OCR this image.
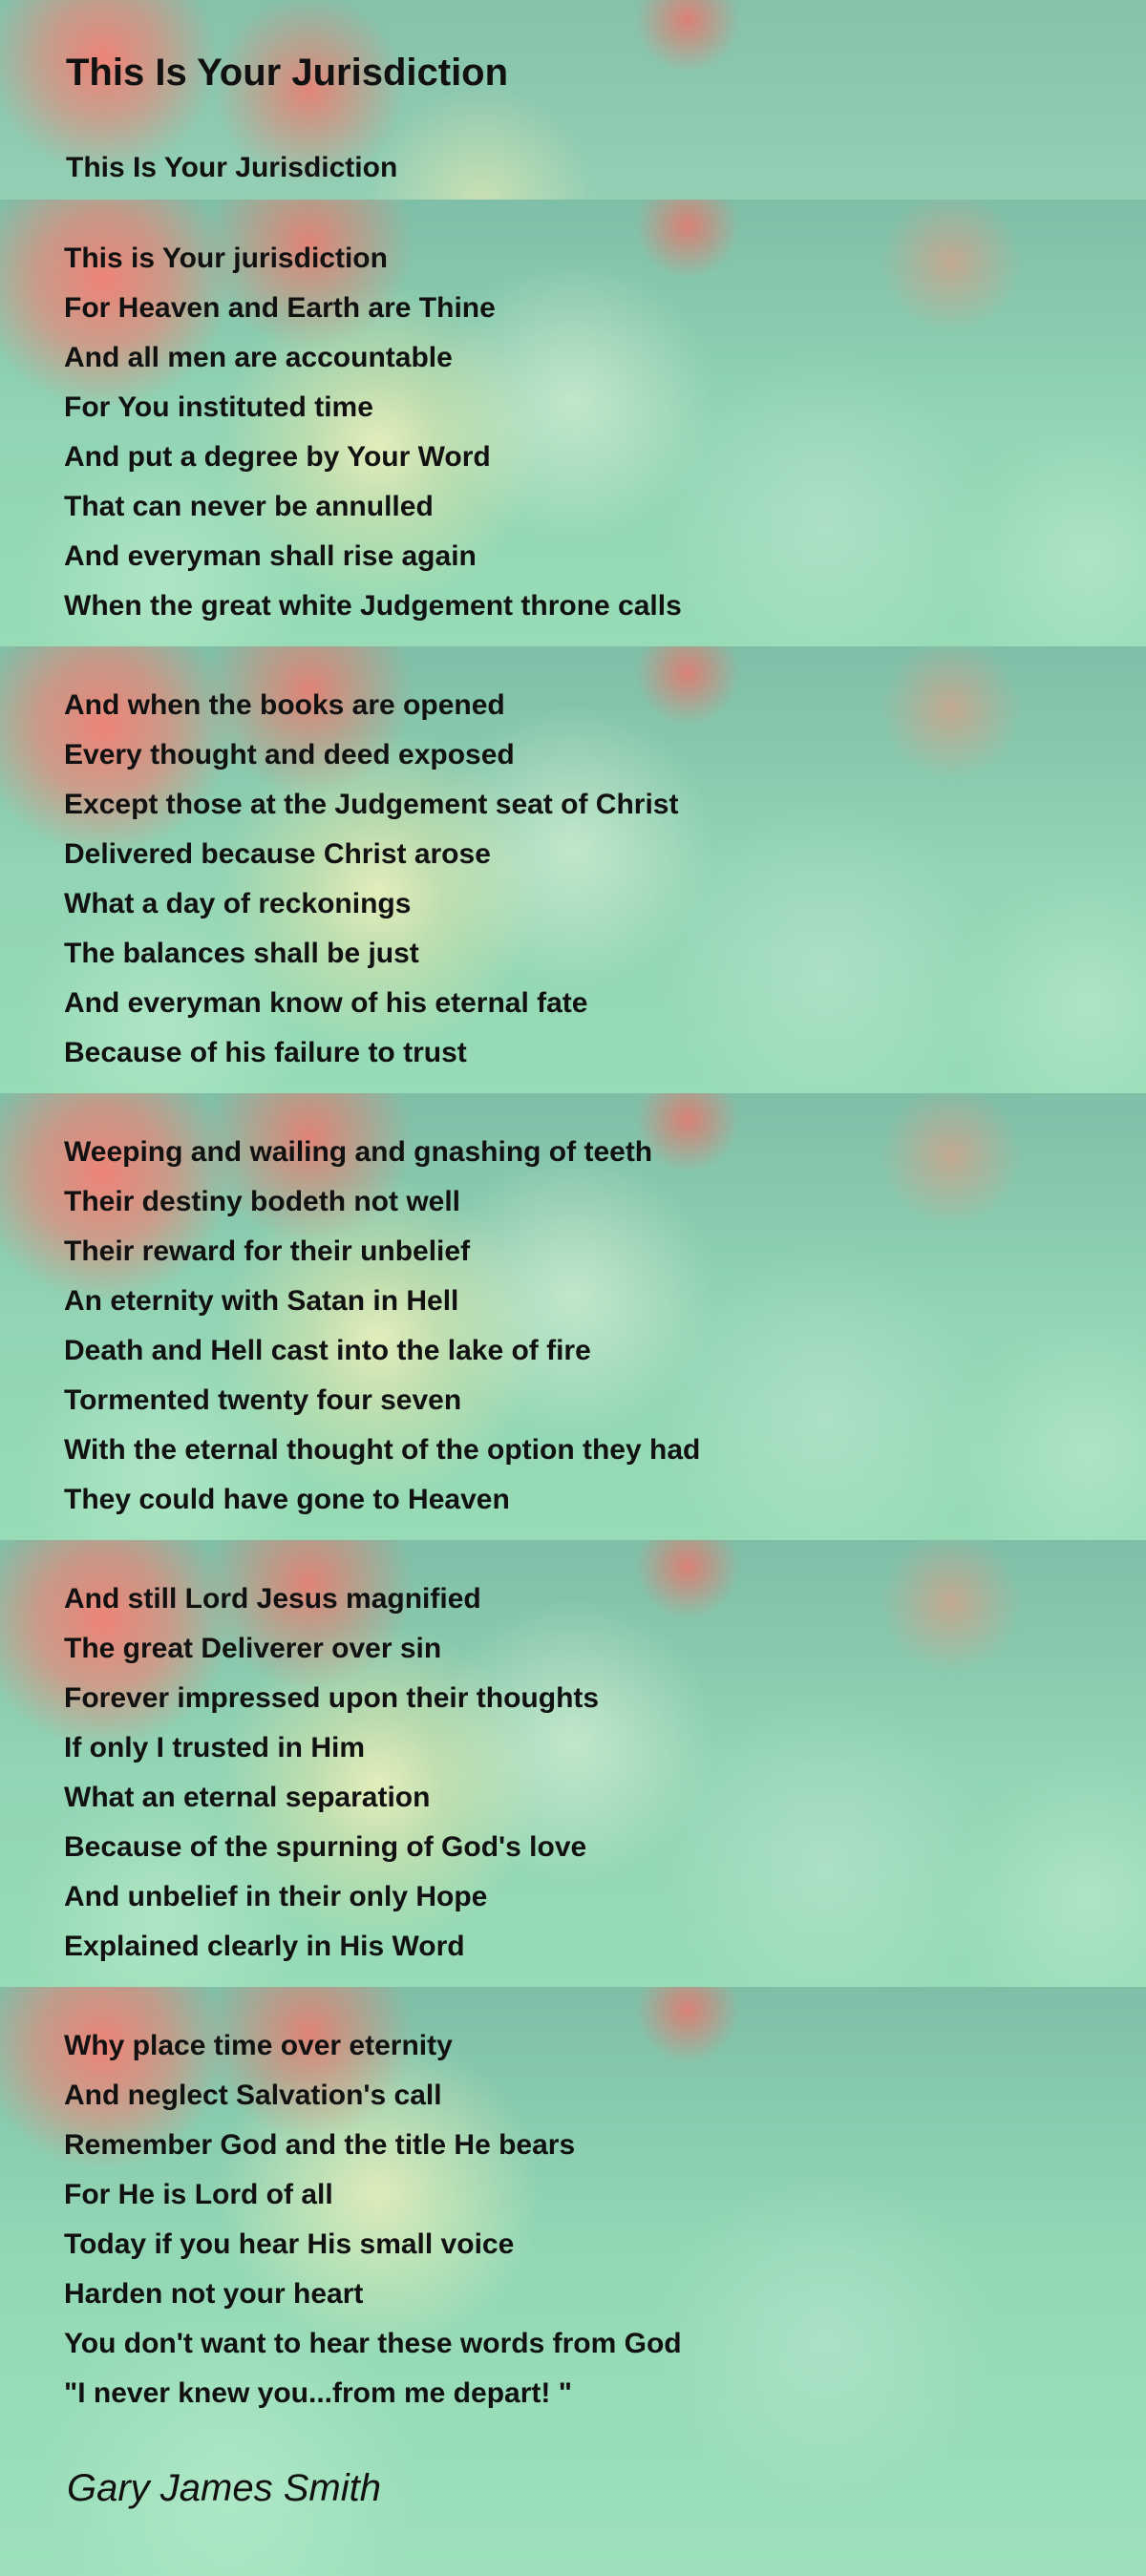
This Is Your Jurisdiction
This Is Your Jurisdiction
This is Your jurisdiction
For Heaven and Earth are Thine
And all men are accountable
For You instituted time
And put a degree by Your Word
That can never be annulled
And everyman shall rise again
When the great white Judgement throne calls
And when the books are opened
Every thought and deed exposed
Except those at the Judgement seat of Christ
Delivered because Christ arose
What a day of reckonings
The balances shall be just
And everyman know of his eternal fate
Because of his failure to trust
Weeping and wailing and gnashing of teeth
Their destiny bodeth not well
Their reward for their unbelief
An eternity with Satan in Hell
Death and Hell cast into the lake of fire
Tormented twenty four seven
With the eternal thought of the option they had
They could have gone to Heaven
And still Lord Jesus magnified
The great Deliverer over sin
Forever impressed upon their thoughts
If only I trusted in Him
What an eternal separation
Because of the spurning of God's love
And unbelief in their only Hope
Explained clearly in His Word
Why place time over eternity
And neglect Salvation's call
Remember God and the title He bears
For He is Lord of all
Today if you hear His small voice
Harden not your heart
You don't want to hear these words from God
"I never knew you...from me depart! "
Gary James Smith
